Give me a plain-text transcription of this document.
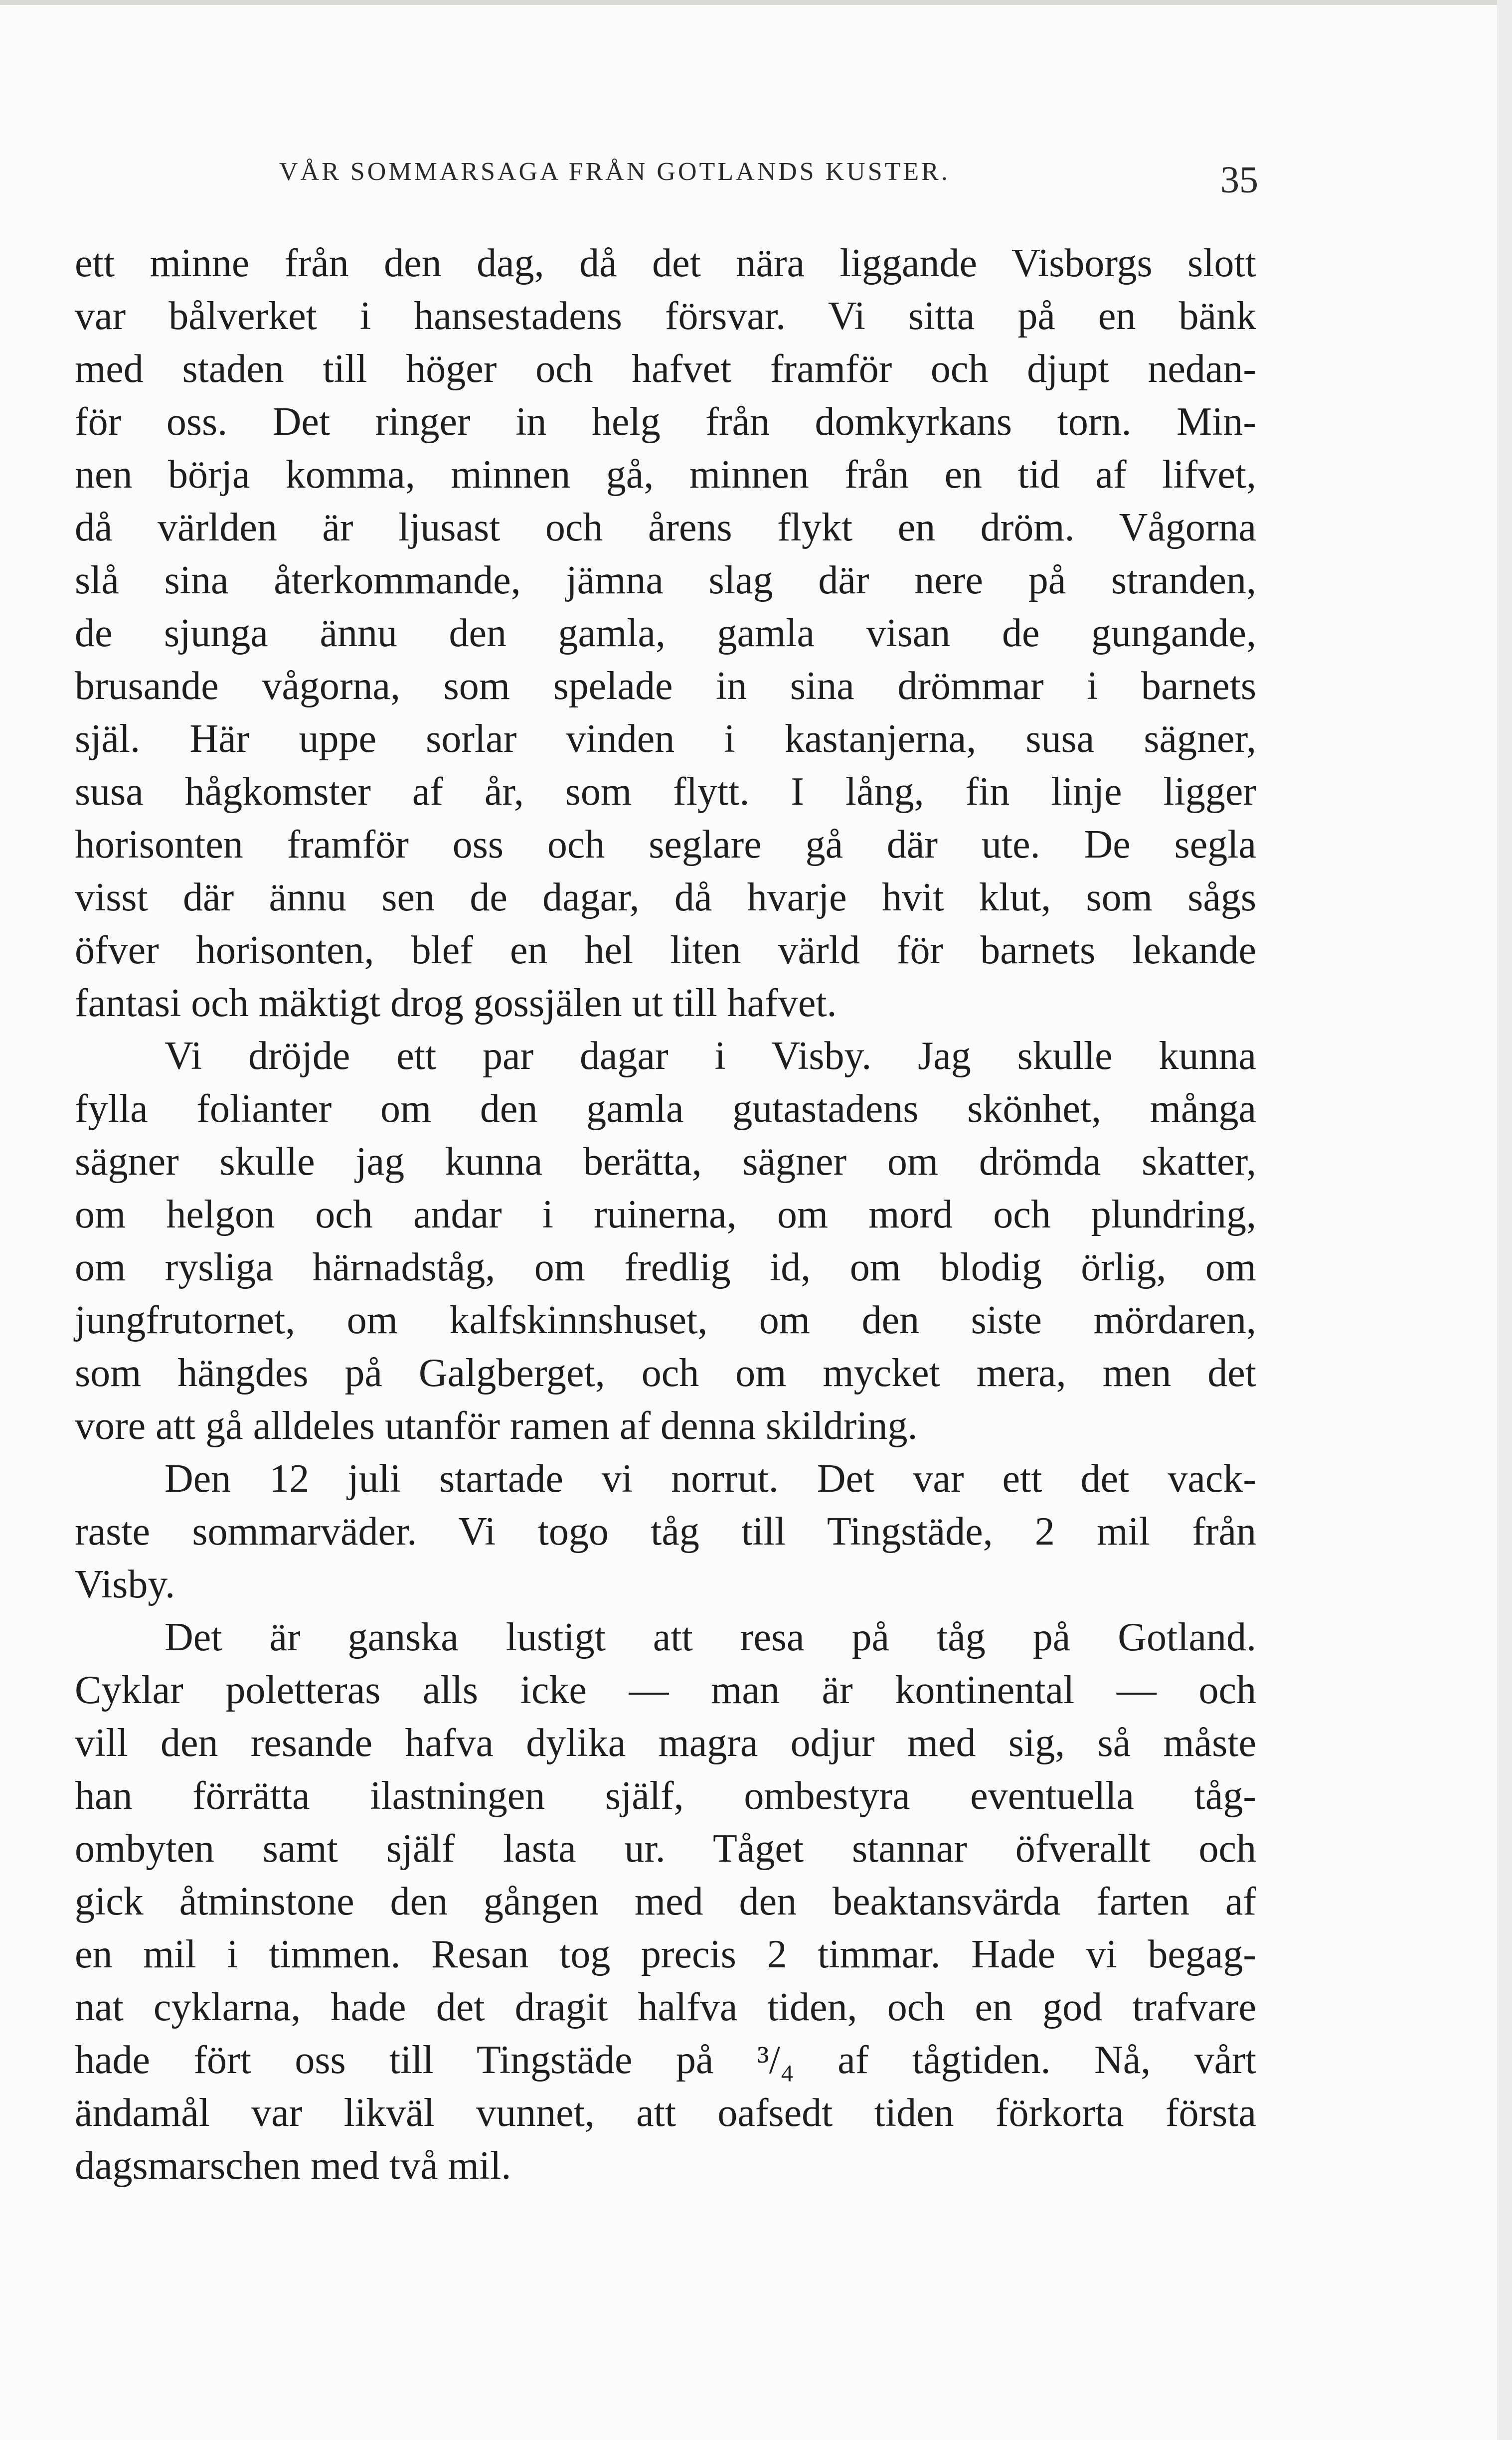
VÅR SOMMARSAGA FRÅN GOTLANDS KUSTER.	35
ett minne från den dag, då det nära liggande Visborgs slott
var bålverket i hansestadens försvar. Vi sitta på en bänk
med staden till höger och hafvet framför och djupt nedan-
för oss. Det ringer in helg från domkyrkans torn. Min-
nen börja komma, minnen gå, minnen från en tid af lifvet,
då världen är ljusast och årens flykt en dröm. Vågorna
slå sina återkommande, jämna slag där nere på stranden,
de sjunga ännu den gamla, gamla visan de gungande,
brusande vågorna, som spelade in sina drömmar i barnets
själ. Här uppe sorlar vinden i kastanjerna, susa sägner,
susa hågkomster af år, som flytt. I lång, fin linje ligger
horisonten framför oss och seglare gå där ute. De segla
visst där ännu sen de dagar, då hvarje hvit klut, som sågs
öfver horisonten, blef en hel liten värld för barnets lekande
fantasi och mäktigt drog gossjälen ut till hafvet.
Vi dröjde ett par dagar i Visby. Jag skulle kunna
fylla folianter om den gamla gutastadens skönhet, många
sägner skulle jag kunna berätta, sägner om drömda skatter,
om helgon och andar i ruinerna, om mord och plundring,
om rysliga härnadståg, om fredlig id, om blodig örlig, om
jungfrutornet, om kalfskinnshuset, om den siste mördaren,
som hängdes på Galgberget, och om mycket mera, men det
vore att gå alldeles utanför ramen af denna skildring.
Den 12 juli startade vi norrut. Det var ett det vack-
raste sommarväder. Vi togo tåg till Tingstäde, 2 mil från
Visby.
Det är ganska lustigt att resa på tåg på Gotland.
Cyklar poletteras alls icke — man är kontinental — och
vill den resande hafva dylika magra odjur med sig, så måste
han förrätta ilastningen själf, ombestyra eventuella tåg-
ombyten samt själf lasta ur. Tåget stannar öfverallt och
gick åtminstone den gången med den beaktansvärda farten af
en mil i timmen. Resan tog precis 2 timmar. Hade vi begag-
nat cyklarna, hade det dragit halfva tiden, och en god trafvare
hade fört oss till Tingstäde på ³/₄ af tågtiden. Nå, vårt
ändamål var likväl vunnet, att oafsedt tiden förkorta första
dagsmarschen med två mil.
